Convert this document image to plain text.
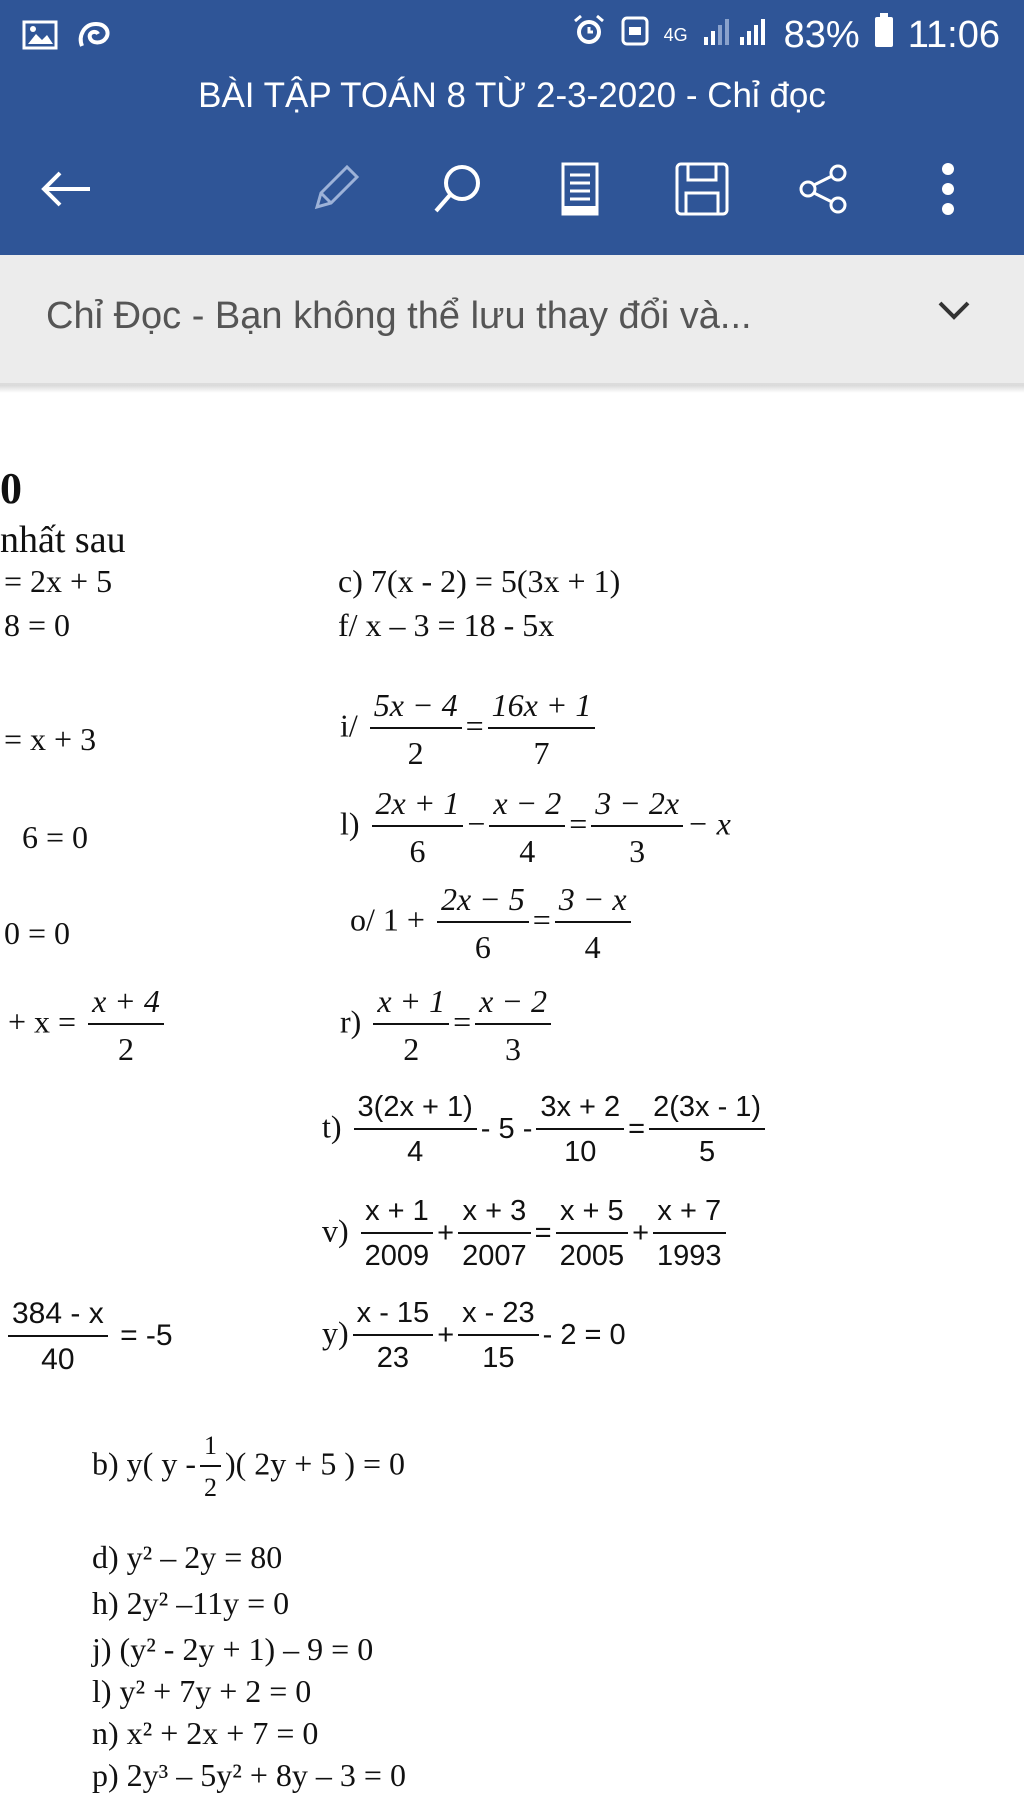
4G	83% 11:06
BÀI TẬP TOÁN 8 TỪ 2-3-2020 - Chỉ đọc
Chỉ Đọc - Bạn không thể lưu thay đổi và...
0
nhất sau
= 2x + 5
8 = 0
= x + 3
6 = 0
0 = 0
+ $x = \frac{x + 4}{2}$
$\frac{384 - x}{40} = -5$
c) 7(x - 2) = 5(3x + 1)
f/ x – 3 = 18 - 5x
$i/ \frac{5x - 4}{2} = \frac{16x + 1}{7}$
$l) \frac{2x + 1}{6} - \frac{x - 2}{4} = \frac{3 - 2x}{3} - x$
o/ $1 + \frac{2x - 5}{6} = \frac{3 - x}{4}$
$r) \frac{x + 1}{2} = \frac{x - 2}{3}$
$t) \frac{3(2x + 1)}{4} - 5 - \frac{3x + 2}{10} = \frac{2(3x - 1)}{5}$
$v) \frac{x + 1}{2009} + \frac{x + 3}{2007} = \frac{x + 5}{2005} + \frac{x + 7}{1993}$
$y) \frac{x - 15}{23} + \frac{x - 23}{15} - 2 = 0$
b) y( y - $\frac{1}{2}$ )( 2y + 5 ) = 0
d) y² – 2y = 80
h) 2y² –11y = 0
j) (y² - 2y + 1) – 9 = 0
l) y² + 7y + 2 = 0
n) x² + 2x + 7 = 0
p) 2y³ – 5y² + 8y – 3 = 0
